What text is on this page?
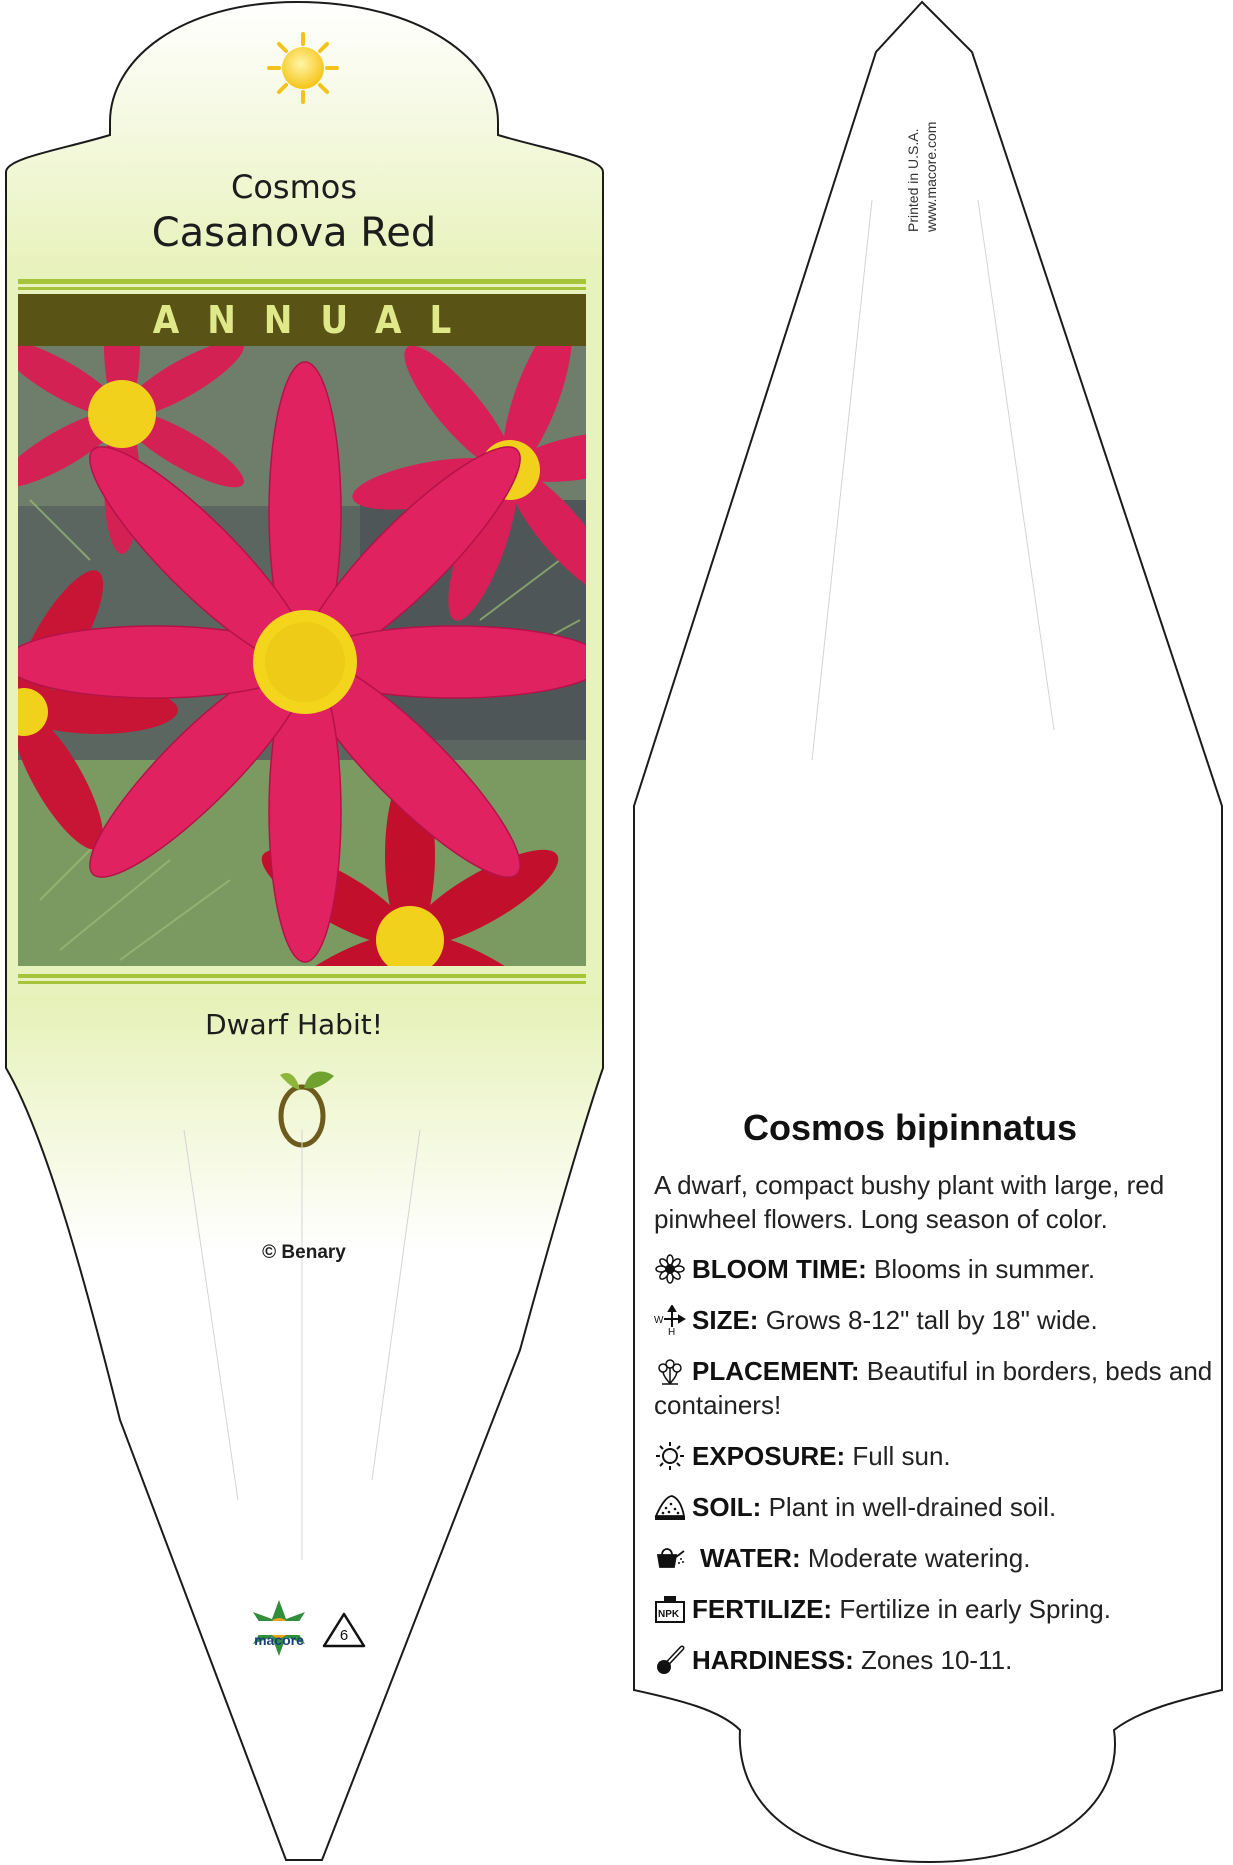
Cosmos
Casanova Red
ANNUAL
Dwarf Habit!
© Benary
macore	6
Printed in U.S.A. www.macore.com
Cosmos bipinnatus
A dwarf, compact bushy plant with large, red pinwheel flowers. Long season of color.
BLOOM TIME: Blooms in summer.
W
H SIZE: Grows 8-12" tall by 18" wide.
PLACEMENT: Beautiful in borders, beds and containers!
EXPOSURE: Full sun.
SOIL: Plant in well-drained soil.
WATER: Moderate watering.
NPK FERTILIZE: Fertilize in early Spring.
HARDINESS: Zones 10-11.
